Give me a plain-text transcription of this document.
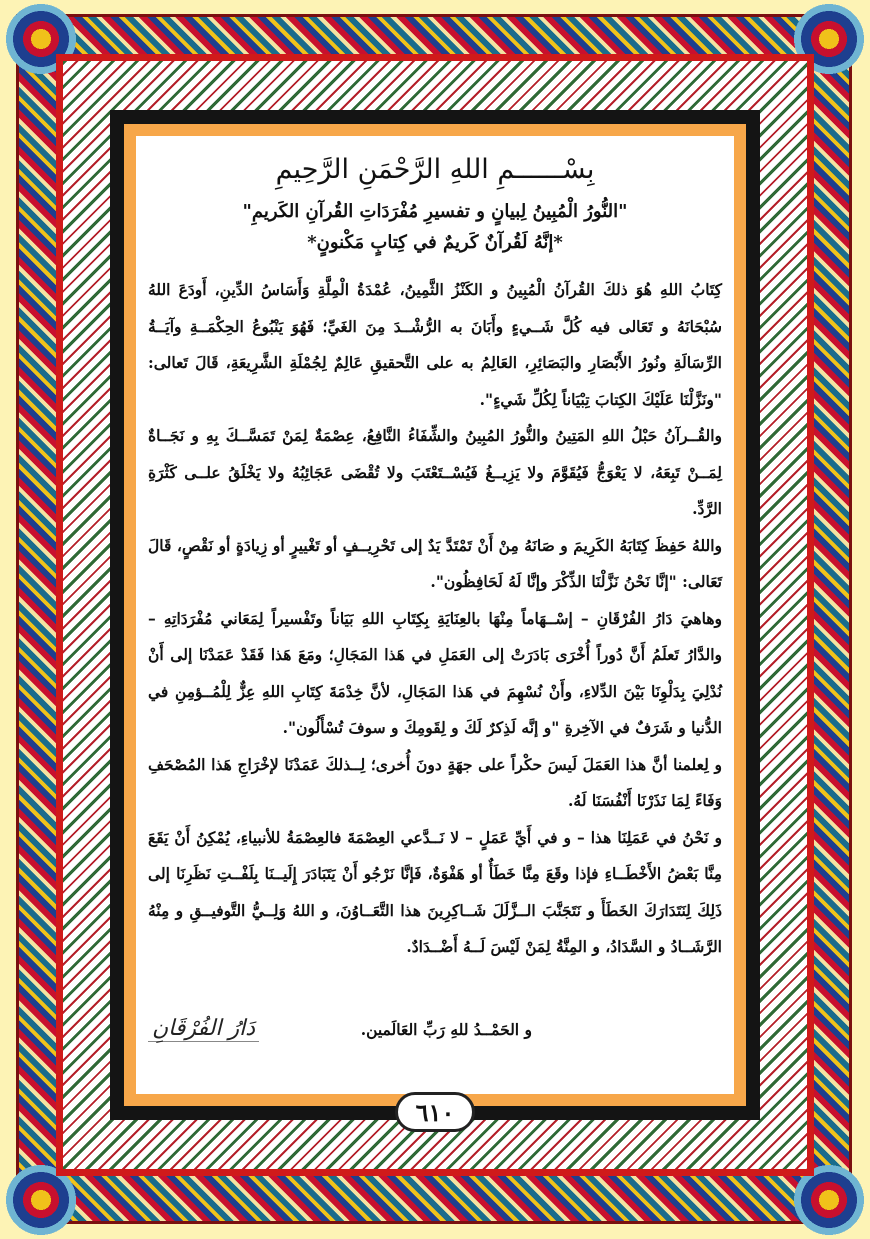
بِسْــــــمِ اللهِ الرَّحْمَنِ الرَّحِيمِ
"النُّورُ الْمُبِينُ لِبيانٍ و تفسيرِ مُفْرَدَاتِ القُرآنِ الكَريمِ"
*إنَّهُ لَقُرآنٌ كَريمٌ في كِتابٍ مَكْنونٍ*

كِتَابُ اللهِ هُوَ ذلكَ القُرآنُ الْمُبِينُ و الكَنْزُ الثَّمِينُ، عُمْدَةُ الْمِلَّةِ وَأَسَاسُ الدِّينِ، أَودَعَ اللهُ سُبْحَانَهُ و تَعَالى فيه كُلَّ شَــيءٍ وأَبَانَ به الرُّشْــدَ مِنَ الغَيِّ؛ فَهُوَ يَنْبُوعُ الحِكْمَــةِ وآيَــةُ الرِّسَالَةِ ونُورُ الأَبْصَارِ والبَصَائِرِ، العَالِمُ به على التَّحقيقِ عَالِمٌ لِجُمْلَةِ الشَّرِيعَةِ، قَالَ تَعالى: "ونَزَّلْنَا عَلَيْكَ الكِتابَ تِبْيَاناً لِكُلِّ شَيءٍ".

والقُــرآنُ حَبْلُ اللهِ المَتِينُ والنُّورُ المُبِينُ والشِّفَاءُ النَّافِعُ، عِصْمَةٌ لِمَنْ تَمَسَّــكَ بِهِ و نَجَــاةٌ لِمَــنْ تَبِعَهُ، لا يَعْوَجُّ فَيُقَوَّمَ ولا يَزِيــغُ فَيُسْــتَعْتَبَ ولا تُقْضَى عَجَائِبُهُ ولا يَخْلَقُ علــى كَثْرَةِ الرَّدِّ.

واللهُ حَفِظَ كِتَابَهُ الكَرِيمَ و صَانَهُ مِنْ أَنْ تَمْتَدَّ يَدٌ إلى تَحْرِيــفٍ أو تَغْييرٍ أو زِيادَةٍ أو نَقْصٍ، قَالَ تَعَالى: "إنَّا نَحْنُ نَزَّلْنَا الذِّكْرَ وإنَّا لَهُ لَحَافِظُون".

وهاهيَ دَارُ الفُرْقَانِ – إسْــهَاماً مِنْهَا بالعِنَايَةِ بِكِتَابِ اللهِ بَيَاناً وتَفْسيراً لِمَعَاني مُفْرَدَاتِهِ – والدَّارُ تَعلَمُ أَنَّ دُوراً أُخْرَى بَادَرَتْ إلى العَمَلِ في هَذا المَجَالِ؛ ومَعَ هَذا فَقَدْ عَمَدْنَا إلى أَنْ نُدْلِيَ بِدَلْوِنَا بَيْنَ الدِّلاءِ، وأَنْ نُسْهِمَ في هَذا المَجَالِ، لأنَّ خِدْمَةَ كِتَابِ اللهِ عِزٌّ لِلْمُــؤمِنِ في الدُّنيا و شَرَفٌ في الآخِرةِ "و إنَّه لَذِكرٌ لَكَ و لِقَومِكَ و سوفَ تُسْأَلُون".

و لِعلمنا أنَّ هذا العَمَلَ لَيسَ حكْراً على جهَةٍ دونَ أُخرى؛ لِــذلكَ عَمَدْنَا لإخْرَاجِ هَذا المُصْحَفِ وَفَاءً لِمَا نَذَرْنَا أَنْفُسَنَا لَهُ.

و نَحْنُ في عَمَلِنَا هذا – و في أَيِّ عَمَلٍ – لا نَــدَّعي العِصْمَةَ فالعِصْمَةُ للأنبياءِ، يُمْكِنُ أَنْ يَقَعَ مِنَّا بَعْضُ الأَخْطَــاءِ فإذا وقَعَ مِنَّا خَطَأٌ أو هَفْوَةٌ، فَإنَّا نَرْجُو أَنْ يَتَبَادَرَ إِلَيــنَا بِلَفْــتِ نَظَرِنَا إلى ذَلِكَ لِنَتَدَارَكَ الخَطَأَ و نَتَجَنَّبَ الــزَّلَلَ شَــاكِرِينَ هذا التَّعَــاوُنَ، و اللهُ وَلِــيُّ التَّوفيــقِ و مِنْهُ الرَّشَــادُ و السَّدَادُ، و المِنَّةُ لِمَنْ لَيْسَ لَــهُ أَضْــدَادٌ.

و الحَمْــدُ للهِ رَبِّ العَالَمين.
دَارُ الفُرْقَانِ
٦١٠
